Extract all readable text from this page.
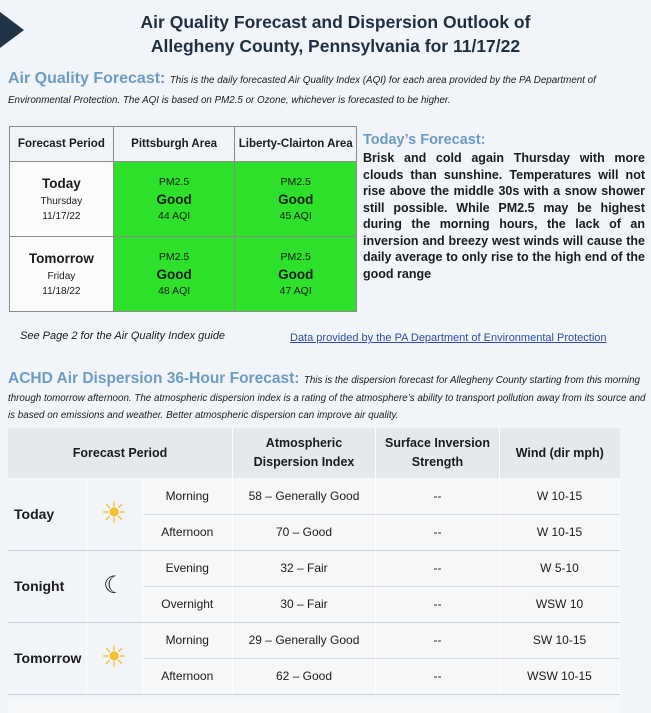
Air Quality Forecast and Dispersion Outlook of
Allegheny County, Pennsylvania for 11/17/22
Air Quality Forecast: This is the daily forecasted Air Quality Index (AQI) for each area provided by the PA Department of Environmental Protection. The AQI is based on PM2.5 or Ozone, whichever is forecasted to be higher.
Forecast Period	Pittsburgh Area	Liberty-Clairton Area

Today
Thursday
11/17/22	PM2.5
Good
44 AQI	PM2.5
Good
45 AQI

Tomorrow
Friday
11/18/22	PM2.5
Good
48 AQI	PM2.5
Good
47 AQI
Today’s Forecast:
Brisk and cold again Thursday with more clouds than sunshine. Temperatures will not rise above the middle 30s with a snow shower still possible. While PM2.5 may be highest during the morning hours, the lack of an inversion and breezy west winds will cause the daily average to only rise to the high end of the good range
See Page 2 for the Air Quality Index guide	Data provided by the PA Department of Environmental Protection
ACHD Air Dispersion 36-Hour Forecast: This is the dispersion forecast for Allegheny County starting from this morning through tomorrow afternoon. The atmospheric dispersion index is a rating of the atmosphere’s ability to transport pollution away from its source and is based on emissions and weather. Better atmospheric dispersion can improve air quality.
Forecast Period			Atmospheric Dispersion Index	Surface Inversion Strength	Wind (dir mph)
Today	☀	Morning	58 – Generally Good	--	W 10-15
		Afternoon	70 – Good	--	W 10-15
Tonight	☾	Evening	32 – Fair	--	W 5-10
		Overnight	30 – Fair	--	WSW 10
Tomorrow	☀	Morning	29 – Generally Good	--	SW 10-15
		Afternoon	62 – Good	--	WSW 10-15
